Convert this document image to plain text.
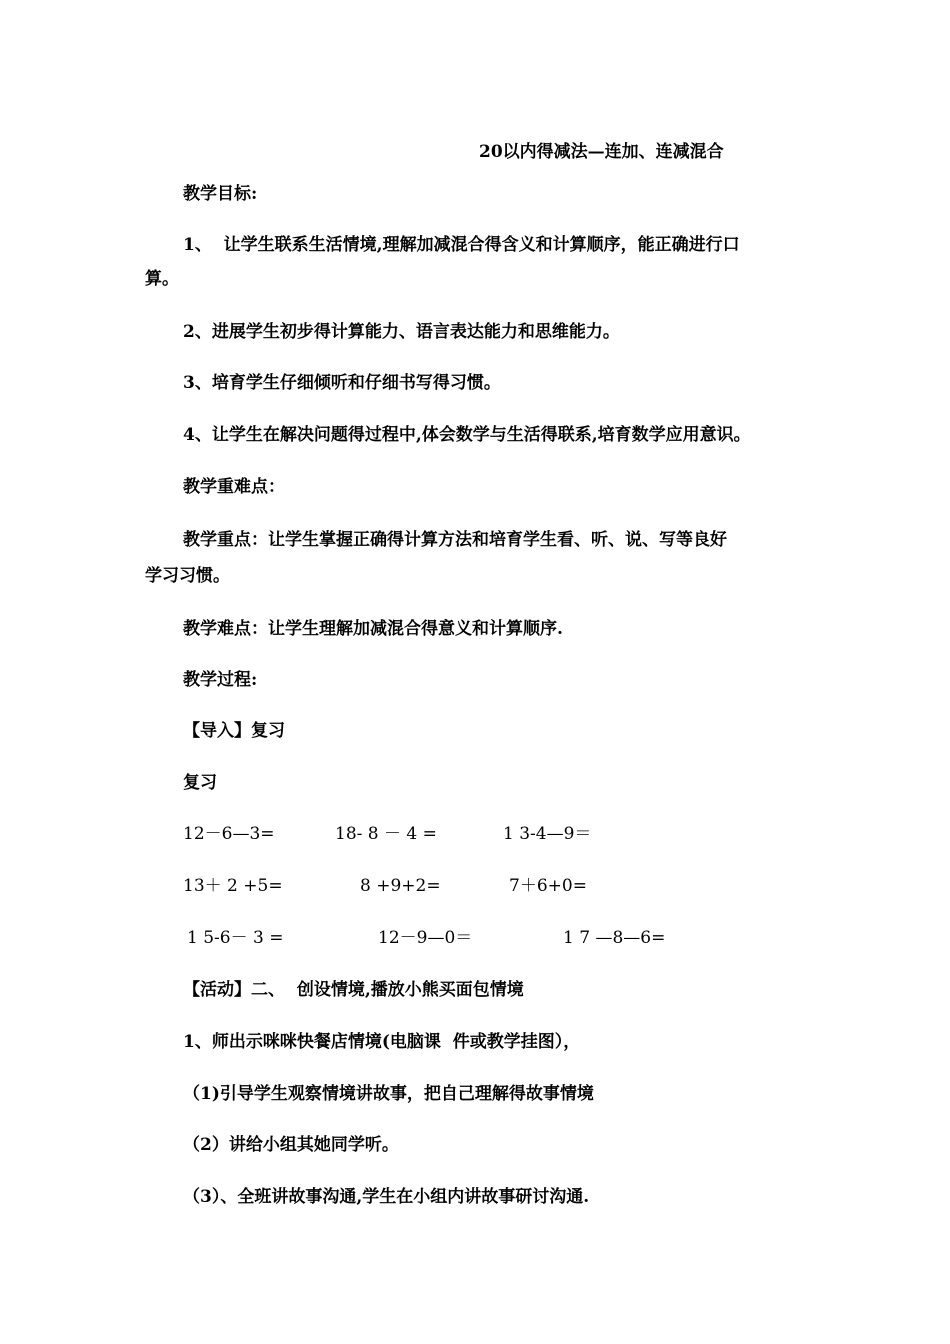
20以内得减法—连加、连减混合
教学目标:
1、  让学生联系生活情境,理解加减混合得含义和计算顺序，能正确进行口
算。
2、进展学生初步得计算能力、语言表达能力和思维能力。
3、培育学生仔细倾听和仔细书写得习惯。
4、让学生在解决问题得过程中,体会数学与生活得联系,培育数学应用意识。
教学重难点：
教学重点：让学生掌握正确得计算方法和培育学生看、听、说、写等良好
学习习惯。
教学难点：让学生理解加减混合得意义和计算顺序.
教学过程:
【导入】复习
复习
12－6—3=	18- 8 － 4 =	1 3-4—9＝
13＋ 2 +5=	8 +9+2=	7＋6+0=
1 5-6－ 3 =	12－9—0＝	1 7 —8—6=
【活动】二、  创设情境,播放小熊买面包情境
1、师出示咪咪快餐店情境(电脑课  件或教学挂图），
（1)引导学生观察情境讲故事，把自己理解得故事情境
（2）讲给小组其她同学听。
（3）、全班讲故事沟通,学生在小组内讲故事研讨沟通.
